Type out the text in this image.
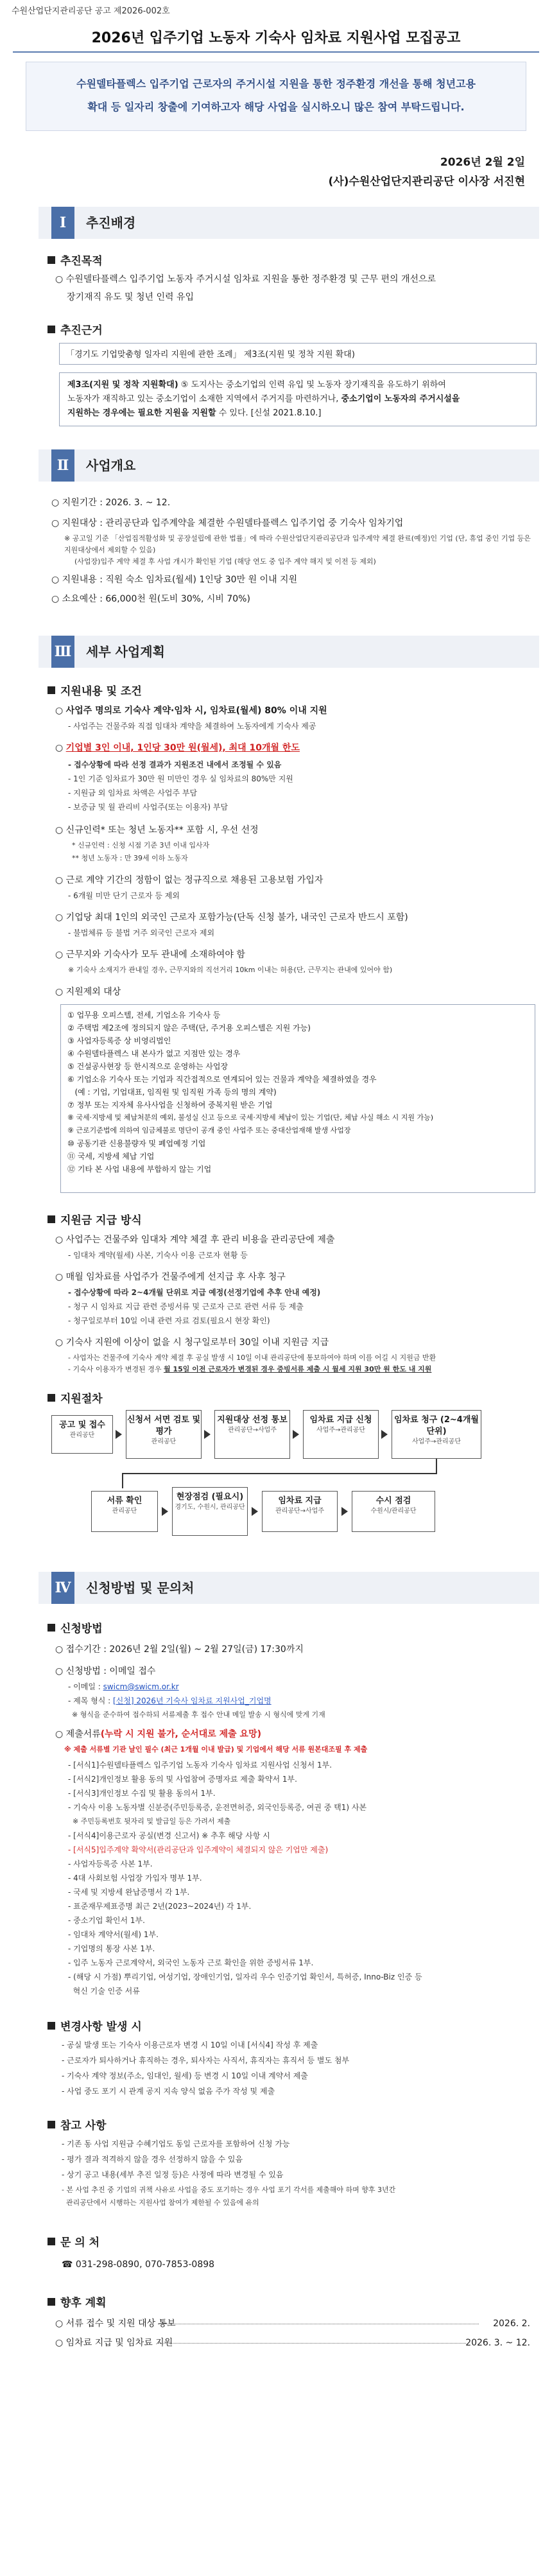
수원산업단지관리공단 공고 제2026-002호
2026년 입주기업 노동자 기숙사 임차료 지원사업 모집공고
수원델타플렉스 입주기업 근로자의 주거시설 지원을 통한 정주환경 개선을 통해 청년고용
확대 등 일자리 창출에 기여하고자 해당 사업을 실시하오니 많은 참여 부탁드립니다.
2026년 2월 2일
(사)수원산업단지관리공단 이사장 서진현
Ⅰ	추진배경
추진목적
○ 수원델타플렉스 입주기업 노동자 주거시설 임차료 지원을 통한 정주환경 및 근무 편의 개선으로
장기재직 유도 및 청년 인력 유입
추진근거
「경기도 기업맞춤형 일자리 지원에 관한 조례」 제3조(지원 및 정착 지원 확대)
제3조(지원 및 정착 지원확대) ⑤ 도지사는 중소기업의 인력 유입 및 노동자 장기재직을 유도하기 위하여
노동자가 재직하고 있는 중소기업이 소재한 지역에서 주거지를 마련하거나, 중소기업이 노동자의 주거시설을
지원하는 경우에는 필요한 지원을 지원할 수 있다. [신설 2021.8.10.]
Ⅱ	사업개요
○ 지원기간 : 2026. 3. ~ 12.
○ 지원대상 : 관리공단과 입주계약을 체결한 수원델타플렉스 입주기업 중 기숙사 임차기업
※ 공고일 기준 「산업집적활성화 및 공장설립에 관한 법률」에 따라 수원산업단지관리공단과 입주계약 체결 완료(예정)인 기업 (단, 휴업 중인 기업 등은 지원대상에서 제외할 수 있음)
(사업장)입주 계약 체결 후 사업 개시가 확인된 기업 (해당 연도 중 입주 계약 해지 및 이전 등 제외)
○ 지원내용 : 직원 숙소 임차료(월세) 1인당 30만 원 이내 지원
○ 소요예산 : 66,000천 원(도비 30%, 시비 70%)
Ⅲ 세부 사업계획
지원내용 및 조건
○ 사업주 명의로 기숙사 계약·임차 시, 임차료(월세) 80% 이내 지원
- 사업주는 건물주와 직접 임대차 계약을 체결하여 노동자에게 기숙사 제공
○ 기업별 3인 이내, 1인당 30만 원(월세), 최대 10개월 한도
- 접수상황에 따라 선정 결과가 지원조건 내에서 조정될 수 있음
- 1인 기준 임차료가 30만 원 미만인 경우 실 임차료의 80%만 지원
- 지원금 외 임차료 차액은 사업주 부담
- 보증금 및 월 관리비 사업주(또는 이용자) 부담
○ 신규인력* 또는 청년 노동자** 포함 시, 우선 선정
* 신규인력 : 신청 시점 기준 3년 이내 입사자
** 청년 노동자 : 만 39세 이하 노동자
○ 근로 계약 기간의 정함이 없는 정규직으로 채용된 고용보험 가입자
- 6개월 미만 단기 근로자 등 제외
○ 기업당 최대 1인의 외국인 근로자 포함가능(단독 신청 불가, 내국인 근로자 반드시 포함)
- 불법체류 등 불법 거주 외국인 근로자 제외
○ 근무지와 기숙사가 모두 관내에 소재하여야 함
※ 기숙사 소재지가 관내일 경우, 근무지와의 직선거리 10km 이내는 허용(단, 근무지는 관내에 있어야 함)
○ 지원제외 대상
① 업무용 오피스텔, 전세, 기업소유 기숙사 등
② 주택법 제2조에 정의되지 않은 주택(단, 주거용 오피스텔은 지원 가능)
③ 사업자등록증 상 비영리법인
④ 수원델타플렉스 내 본사가 없고 지점만 있는 경우
⑤ 건설공사현장 등 한시적으로 운영하는 사업장
⑥ 기업소유 기숙사 또는 기업과 직간접적으로 연계되어 있는 건물과 계약을 체결하였을 경우
(예 : 기업, 기업대표, 임직원 및 임직원 가족 등의 명의 계약)
⑦ 정부 또는 지자체 유사사업을 신청하여 중복지원 받은 기업
⑧ 국세·지방세 및 체납처분의 예외, 불성실 신고 등으로 국세·지방세 체납이 있는 기업(단, 체납 사실 해소 시 지원 가능)
⑨ 근로기준법에 의하여 임금체불로 명단이 공개 중인 사업주 또는 중대산업재해 발생 사업장
⑩ 공동기관 신용불량자 및 폐업예정 기업
⑪ 국세, 지방세 체납 기업
⑫ 기타 본 사업 내용에 부합하지 않는 기업
지원금 지급 방식
○ 사업주는 건물주와 임대차 계약 체결 후 관리 비용을 관리공단에 제출
- 임대차 계약(월세) 사본, 기숙사 이용 근로자 현황 등
○ 매월 임차료를 사업주가 건물주에게 선지급 후 사후 청구
- 접수상황에 따라 2~4개월 단위로 지급 예정(선정기업에 추후 안내 예정)
- 청구 시 임차료 지급 관련 증빙서류 및 근로자 근로 관련 서류 등 제출
- 청구일로부터 10일 이내 관련 자료 검토(필요시 현장 확인)
○ 기숙사 지원에 이상이 없을 시 청구일로부터 30일 이내 지원금 지급
- 사업자는 건물주에 기숙사 계약 체결 후 공실 발생 시 10일 이내 관리공단에 통보하여야 하며 이를 어길 시 지원금 반환
- 기숙사 이용자가 변경된 경우 월 15일 이전 근로자가 변경된 경우 증빙서류 제출 시 월세 지원 30만 원 한도 내 지원
지원절차
공고 및 접수
관리공단
신청서 서면 검토 및 평가
관리공단
지원대상 선정 통보
관리공단→사업주
임차료 지급 신청
사업주→관리공단
임차료 청구 (2~4개월 단위)
사업주→관리공단
서류 확인
관리공단
현장점검 (필요시)
경기도, 수원시, 관리공단
임차료 지급
관리공단→사업주
수시 점검
수원시/관리공단
Ⅳ 신청방법 및 문의처
신청방법
○ 접수기간 : 2026년 2월 2일(월) ~ 2월 27일(금) 17:30까지
○ 신청방법 : 이메일 접수
- 이메일 : swicm@swicm.or.kr
- 제목 형식 : [신청] 2026년 기숙사 임차료 지원사업_기업명
※ 형식을 준수하여 접수하되 서류제출 후 접수 안내 메일 발송 시 형식에 맞게 기재
○ 제출서류(누락 시 지원 불가, 순서대로 제출 요망)
※ 제출 서류별 기관 날인 필수 (최근 1개월 이내 발급) 및 기업에서 해당 서류 원본대조필 후 제출
- [서식1]수원델타플렉스 입주기업 노동자 기숙사 임차료 지원사업 신청서 1부.
- [서식2]개인정보 활용 동의 및 사업참여 증명자료 제출 확약서 1부.
- [서식3]개인정보 수집 및 활용 동의서 1부.
- 기숙사 이용 노동자별 신분증(주민등록증, 운전면허증, 외국인등록증, 여권 중 택1) 사본
※ 주민등록번호 뒷자리 및 발급일 등은 가려서 제출
- [서식4]이용근로자 공실(변경 신고서) ※ 추후 해당 사항 시
- [서식5]입주계약 확약서(관리공단과 입주계약이 체결되지 않은 기업만 제출)
- 사업자등록증 사본 1부.
- 4대 사회보험 사업장 가입자 명부 1부.
- 국세 및 지방세 완납증명서 각 1부.
- 표준재무제표증명 최근 2년(2023~2024년) 각 1부.
- 중소기업 확인서 1부.
- 임대차 계약서(월세) 1부.
- 기업명의 통장 사본 1부.
- 입주 노동자 근로계약서, 외국인 노동자 근로 확인을 위한 증빙서류 1부.
- (해당 시 가점) 뿌리기업, 여성기업, 장애인기업, 일자리 우수 인증기업 확인서, 특허증, Inno-Biz 인증 등
혁신 기술 인증 서류
변경사항 발생 시
- 공실 발생 또는 기숙사 이용근로자 변경 시 10일 이내 [서식4] 작성 후 제출
- 근로자가 퇴사하거나 휴직하는 경우, 퇴사자는 사직서, 휴직자는 휴직서 등 별도 첨부
- 기숙사 계약 정보(주소, 임대인, 월세) 등 변경 시 10일 이내 계약서 제출
- 사업 중도 포기 시 관계 공지 지속 양식 없음 주가 작성 및 제출
참고 사항
- 기존 동 사업 지원금 수혜기업도 동일 근로자를 포함하여 신청 가능
- 평가 결과 적격하지 않을 경우 선정하지 않을 수 있음
- 상기 공고 내용(세부 추진 일정 등)은 사정에 따라 변경될 수 있음
- 본 사업 추진 중 기업의 귀책 사유로 사업을 중도 포기하는 경우 사업 포기 각서를 제출해야 하며 향후 3년간
관리공단에서 시행하는 지원사업 참여가 제한될 수 있음에 유의
문 의 처
☎ 031-298-0890, 070-7853-0898
향후 계획
○ 서류 접수 및 지원 대상 통보	2026. 2.
○ 임차료 지급 및 임차료 지원	2026. 3. ~ 12.
